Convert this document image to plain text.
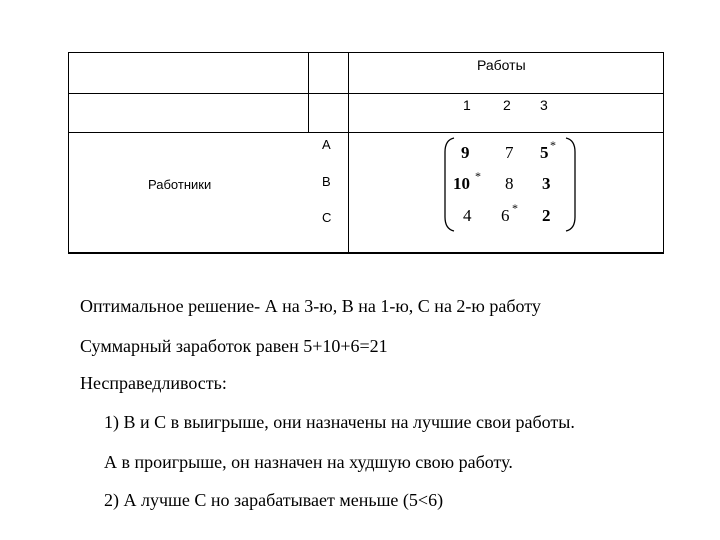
Работы
1 2 3
Работники
A
B
C
9 7 5 *
10 * 8 3
4 6 * 2
Оптимальное решение- А на 3-ю, В на 1-ю, С на 2-ю работу
Суммарный заработок равен 5+10+6=21
Несправедливость:
1) В и С в выигрыше, они назначены на лучшие свои работы.
А в проигрыше, он назначен на худшую свою работу.
2) А лучше С но зарабатывает меньше (5<6)
